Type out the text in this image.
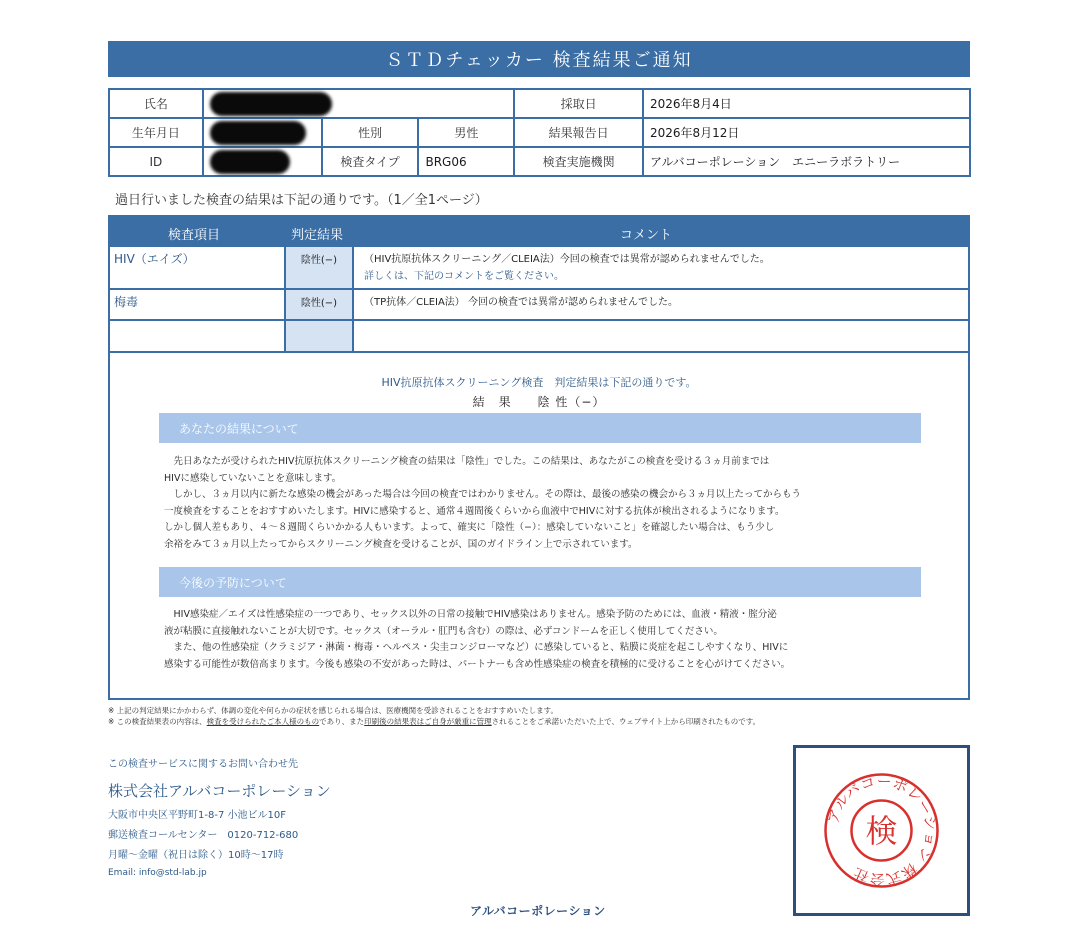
ＳＴＤチェッカー 検査結果ご通知
氏名				採取日	2026年8月4日
生年月日		性別	男性	結果報告日	2026年8月12日
ID		検査タイプ	BRG06	検査実施機関	アルバコーポレーション　エニーラボラトリー
過日行いました検査の結果は下記の通りです。（1／全1ページ）
検査項目	判定結果	コメント
HIV（エイズ）	陰性(−)	（HIV抗原抗体スクリーニング／CLEIA法）今回の検査では異常が認められませんでした。
詳しくは、下記のコメントをご覧ください。
梅毒	陰性(−)	（TP抗体／CLEIA法） 今回の検査では異常が認められませんでした。
HIV抗原抗体スクリーニング検査　判定結果は下記の通りです。
結　果　　陰 性（−）
あなたの結果について
　先日あなたが受けられたHIV抗原抗体スクリーニング検査の結果は「陰性」でした。この結果は、あなたがこの検査を受ける３ヵ月前までは
HIVに感染していないことを意味します。
　しかし、３ヵ月以内に新たな感染の機会があった場合は今回の検査ではわかりません。その際は、最後の感染の機会から３ヵ月以上たってからもう
一度検査をすることをおすすめいたします。HIVに感染すると、通常４週間後くらいから血液中でHIVに対する抗体が検出されるようになります。
しかし個人差もあり、４〜８週間くらいかかる人もいます。よって、確実に「陰性（−）：感染していないこと」を確認したい場合は、もう少し
余裕をみて３ヵ月以上たってからスクリーニング検査を受けることが、国のガイドライン上で示されています。
今後の予防について
　HIV感染症／エイズは性感染症の一つであり、セックス以外の日常の接触でHIV感染はありません。感染予防のためには、血液・精液・腟分泌
液が粘膜に直接触れないことが大切です。セックス（オーラル・肛門も含む）の際は、必ずコンドームを正しく使用してください。
　また、他の性感染症（クラミジア・淋菌・梅毒・ヘルペス・尖圭コンジローマなど）に感染していると、粘膜に炎症を起こしやすくなり、HIVに
感染する可能性が数倍高まります。今後も感染の不安があった時は、パートナーも含め性感染症の検査を積極的に受けることを心がけてください。
※ 上記の判定結果にかかわらず、体調の変化や何らかの症状を感じられる場合は、医療機関を受診されることをおすすめいたします。
※ この検査結果表の内容は、検査を受けられたご本人様のものであり、また印刷後の結果表はご自身が厳重に管理されることをご承諾いただいた上で、ウェブサイト上から印刷されたものです。
この検査サービスに関するお問い合わせ先
株式会社アルバコーポレーション
大阪市中央区平野町1-8-7 小池ビル10F
郵送検査コールセンター　0120-712-680
月曜〜金曜（祝日は除く）10時〜17時
Email: info@std-lab.jp
アルバコーポレーション 株式会社
検
アルバコーポレーション
